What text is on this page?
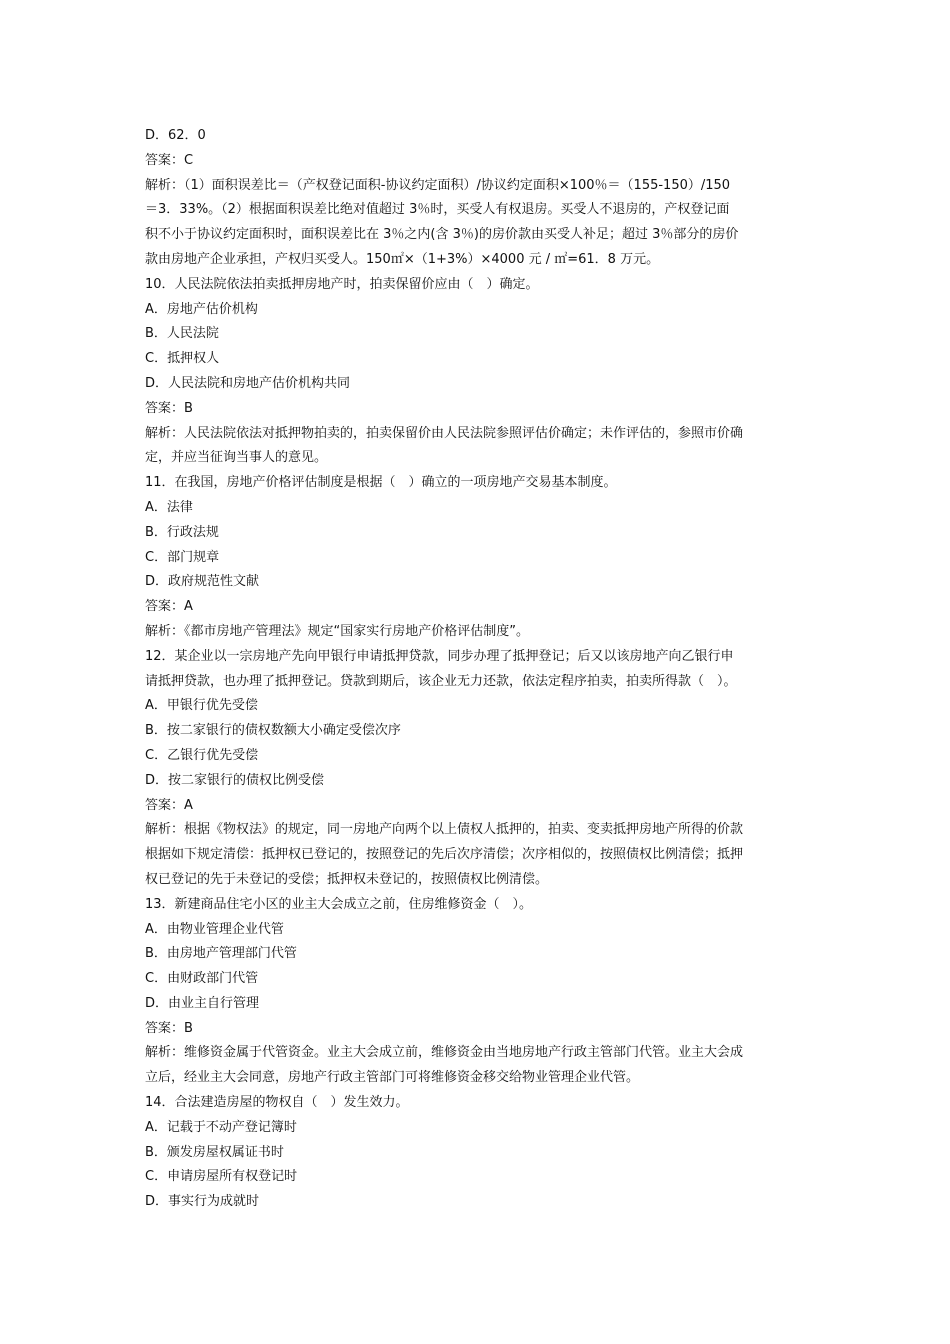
D．62．0
答案：C
解析：（1）面积误差比＝（产权登记面积-协议约定面积）/协议约定面积×100％＝（155-150）/150
＝3．33%。（2）根据面积误差比绝对值超过 3％时，买受人有权退房。买受人不退房的，产权登记面
积不小于协议约定面积时，面积误差比在 3％之内(含 3％)的房价款由买受人补足；超过 3％部分的房价
款由房地产企业承担，产权归买受人。150㎡×（1+3%）×4000 元 / ㎡=61．8 万元。
10．人民法院依法拍卖抵押房地产时，拍卖保留价应由（　）确定。
A．房地产估价机构
B．人民法院
C．抵押权人
D．人民法院和房地产估价机构共同
答案：B
解析：人民法院依法对抵押物拍卖的，拍卖保留价由人民法院参照评估价确定；未作评估的，参照市价确
定，并应当征询当事人的意见。
11．在我国，房地产价格评估制度是根据（　）确立的一项房地产交易基本制度。
A．法律
B．行政法规
C．部门规章
D．政府规范性文献
答案：A
解析：《都市房地产管理法》规定“国家实行房地产价格评估制度”。
12．某企业以一宗房地产先向甲银行申请抵押贷款，同步办理了抵押登记；后又以该房地产向乙银行申
请抵押贷款，也办理了抵押登记。贷款到期后，该企业无力还款，依法定程序拍卖，拍卖所得款（　）。
A．甲银行优先受偿
B．按二家银行的债权数额大小确定受偿次序
C．乙银行优先受偿
D．按二家银行的债权比例受偿
答案：A
解析：根据《物权法》的规定，同一房地产向两个以上债权人抵押的，拍卖、变卖抵押房地产所得的价款
根据如下规定清偿：抵押权已登记的，按照登记的先后次序清偿；次序相似的，按照债权比例清偿；抵押
权已登记的先于未登记的受偿；抵押权未登记的，按照债权比例清偿。
13．新建商品住宅小区的业主大会成立之前，住房维修资金（　）。
A．由物业管理企业代管
B．由房地产管理部门代管
C．由财政部门代管
D．由业主自行管理
答案：B
解析：维修资金属于代管资金。业主大会成立前，维修资金由当地房地产行政主管部门代管。业主大会成
立后，经业主大会同意，房地产行政主管部门可将维修资金移交给物业管理企业代管。
14．合法建造房屋的物权自（　）发生效力。
A．记载于不动产登记簿时
B．颁发房屋权属证书时
C．申请房屋所有权登记时
D．事实行为成就时
